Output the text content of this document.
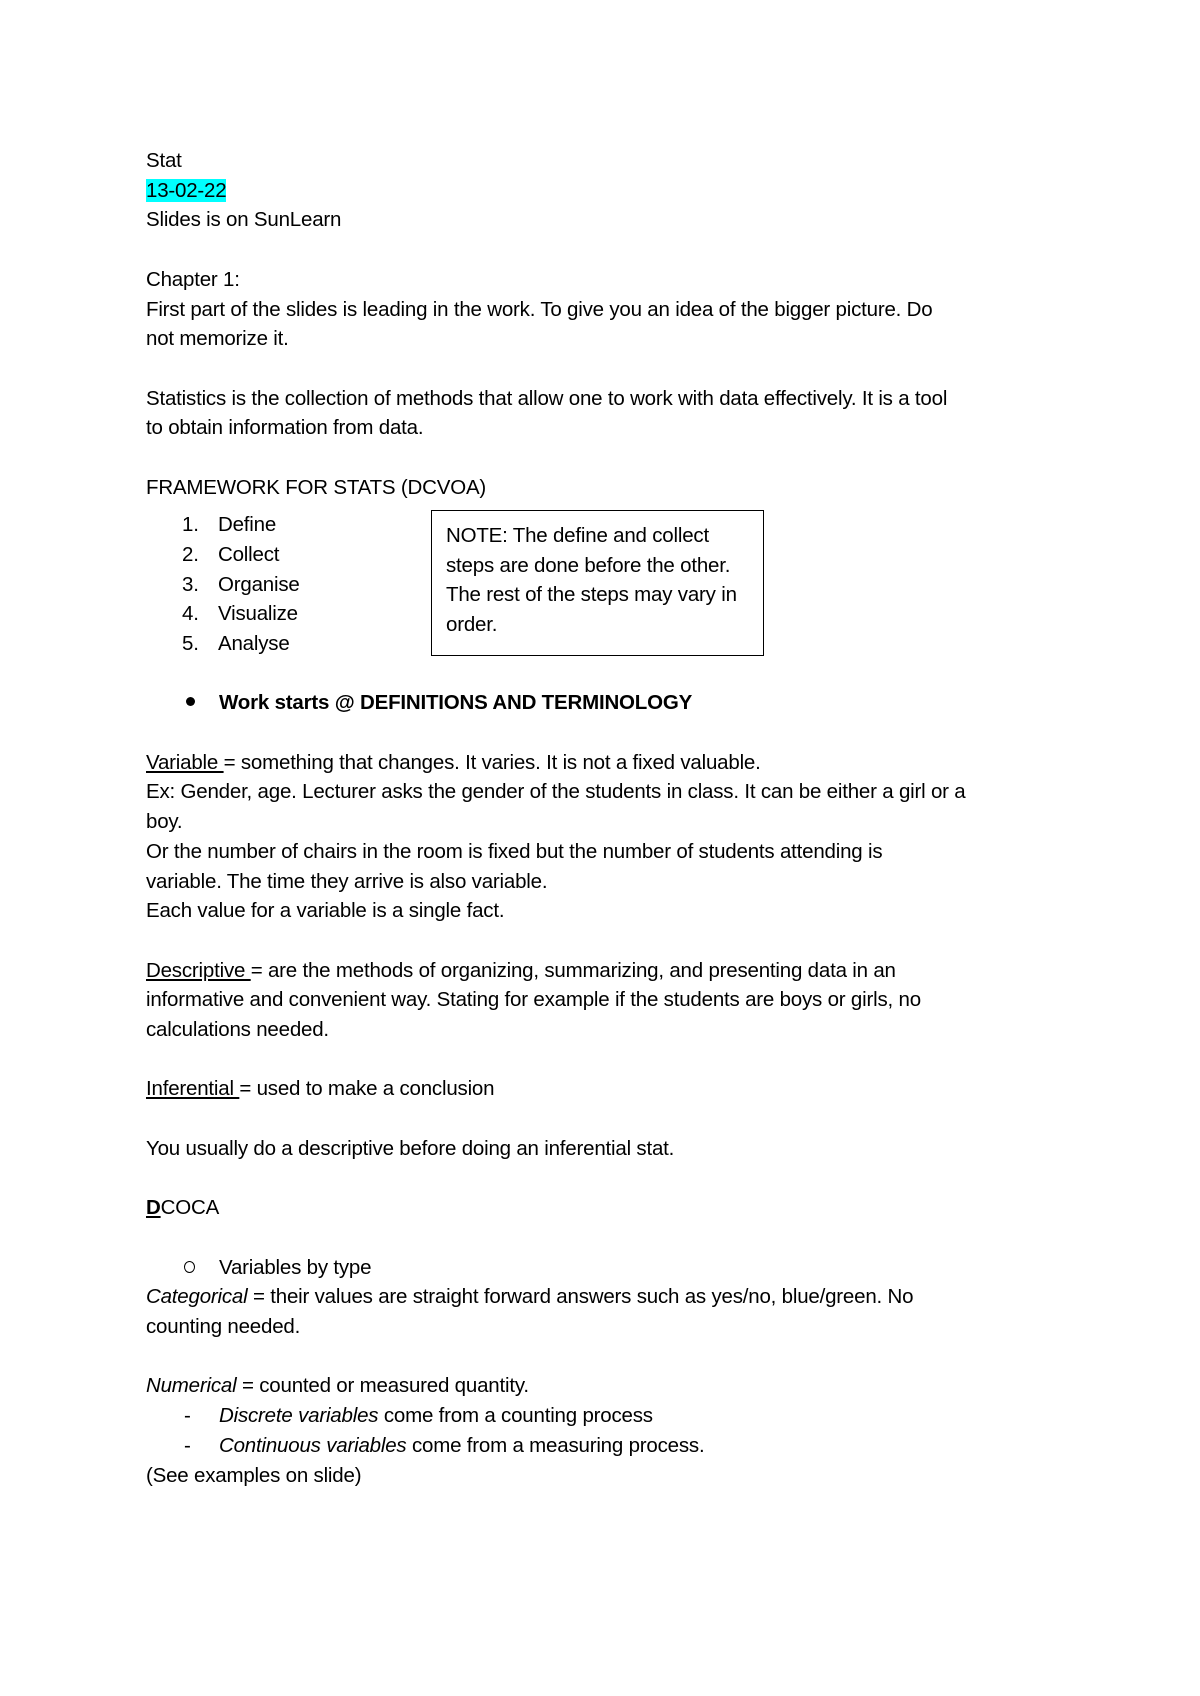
Stat
13-02-22
Slides is on SunLearn
Chapter 1:
First part of the slides is leading in the work. To give you an idea of the bigger picture. Do
not memorize it.
Statistics is the collection of methods that allow one to work with data effectively. It is a tool
to obtain information from data.
FRAMEWORK FOR STATS (DCVOA)
1. Define
2. Collect
3. Organise
4. Visualize
5. Analyse
NOTE: The define and collect steps are done before the other. The rest of the steps may vary in order.
Work starts @ DEFINITIONS AND TERMINOLOGY
Variable = something that changes. It varies. It is not a fixed valuable.
Ex: Gender, age. Lecturer asks the gender of the students in class. It can be either a girl or a
boy.
Or the number of chairs in the room is fixed but the number of students attending is
variable. The time they arrive is also variable.
Each value for a variable is a single fact.
Descriptive = are the methods of organizing, summarizing, and presenting data in an
informative and convenient way. Stating for example if the students are boys or girls, no
calculations needed.
Inferential = used to make a conclusion
You usually do a descriptive before doing an inferential stat.
DCOCA
Variables by type
Categorical = their values are straight forward answers such as yes/no, blue/green. No
counting needed.
Numerical = counted or measured quantity.
- Discrete variables come from a counting process
- Continuous variables come from a measuring process.
(See examples on slide)
